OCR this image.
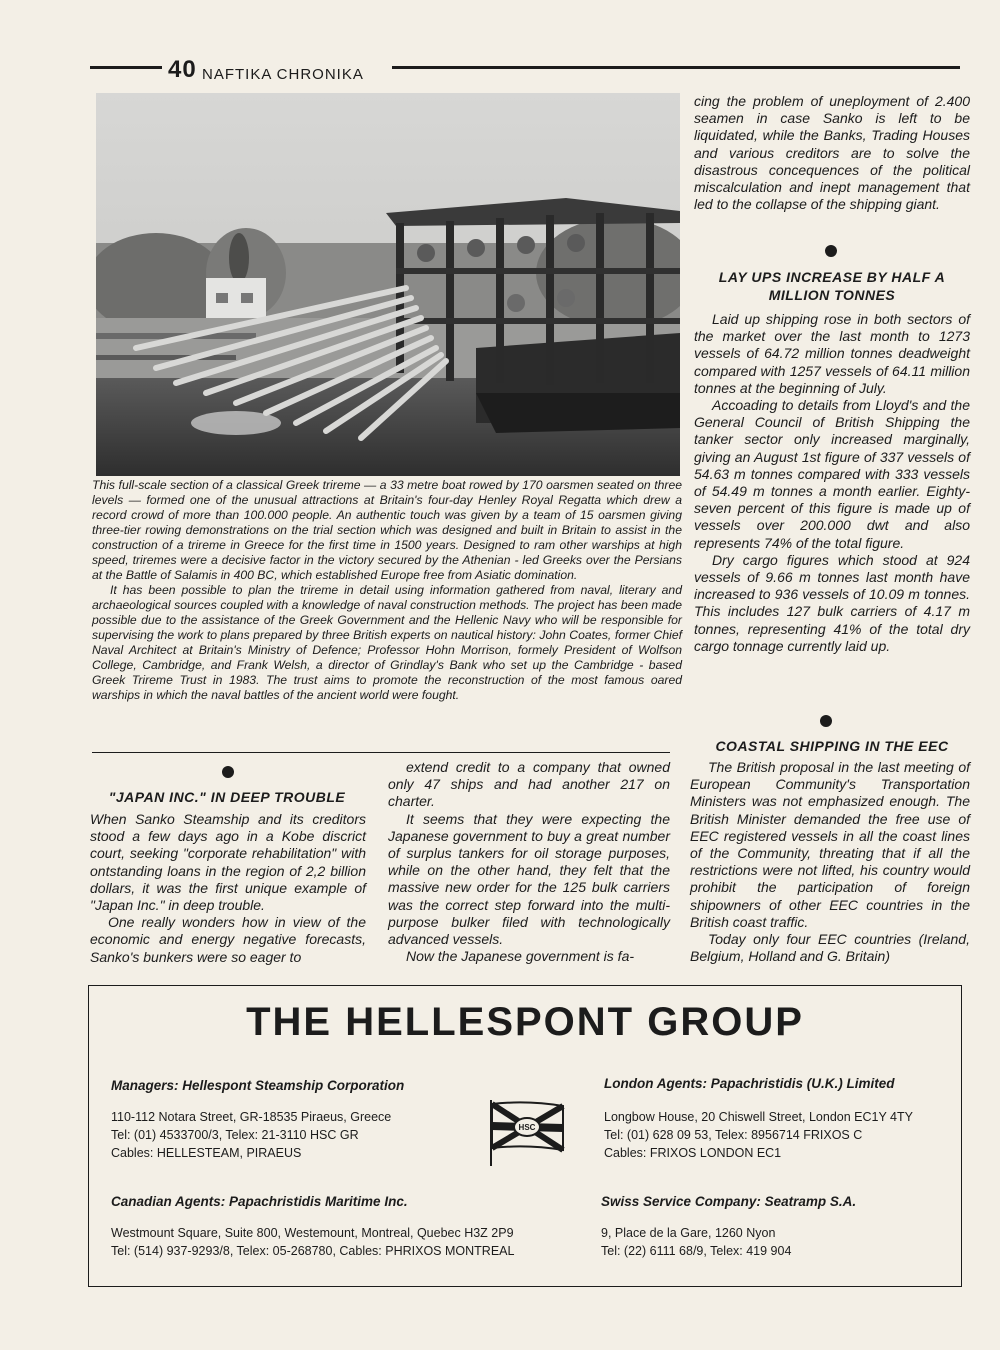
40 NAFTIKA CHRONIKA

This full-scale section of a classical Greek trireme — a 33 metre boat rowed by 170 oarsmen seated on three levels — formed one of the unusual attractions at Britain's four-day Henley Royal Regatta which drew a record crowd of more than 100.000 people. An authentic touch was given by a team of 15 oarsmen giving three-tier rowing demonstrations on the trial section which was designed and built in Britain to assist in the construction of a trireme in Greece for the first time in 1500 years. Designed to ram other warships at high speed, triremes were a decisive factor in the victory secured by the Athenian - led Greeks over the Persians at the Battle of Salamis in 400 BC, which established Europe free from Asiatic domination.

It has been possible to plan the trireme in detail using information gathered from naval, literary and archaeological sources coupled with a knowledge of naval construction methods. The project has been made possible due to the assistance of the Greek Government and the Hellenic Navy who will be responsible for supervising the work to plans prepared by three British experts on nautical history: John Coates, former Chief Naval Architect at Britain's Ministry of Defence; Professor Hohn Morrison, formely President of Wolfson College, Cambridge, and Frank Welsh, a director of Grindlay's Bank who set up the Cambridge - based Greek Trireme Trust in 1983. The trust aims to promote the reconstruction of the most famous oared warships in which the naval battles of the ancient world were fought.

cing the problem of uneployment of 2.400 seamen in case Sanko is left to be liquidated, while the Banks, Trading Houses and various creditors are to solve the disastrous concequences of the political miscalculation and inept management that led to the collapse of the shipping giant.

LAY UPS INCREASE BY HALF A MILLION TONNES

Laid up shipping rose in both sectors of the market over the last month to 1273 vessels of 64.72 million tonnes deadweight compared with 1257 vessels of 64.11 million tonnes at the beginning of July.

Accoading to details from Lloyd's and the General Council of British Shipping the tanker sector only increased marginally, giving an August 1st figure of 337 vessels of 54.63 m tonnes compared with 333 vessels of 54.49 m tonnes a month earlier. Eighty-seven percent of this figure is made up of vessels over 200.000 dwt and also represents 74% of the total figure.

Dry cargo figures which stood at 924 vessels of 9.66 m tonnes last month have increased to 936 vessels of 10.09 m tonnes. This includes 127 bulk carriers of 4.17 m tonnes, representing 41% of the total dry cargo tonnage currently laid up.

COASTAL SHIPPING IN THE EEC

The British proposal in the last meeting of European Community's Transportation Ministers was not emphasized enough. The British Minister demanded the free use of EEC registered vessels in all the coast lines of the Community, threating that if all the restrictions were not lifted, his country would prohibit the participation of foreign shipowners of other EEC countries in the British coast traffic.

Today only four EEC countries (Ireland, Belgium, Holland and G. Britain)

"JAPAN INC." IN DEEP TROUBLE

When Sanko Steamship and its creditors stood a few days ago in a Kobe discrict court, seeking "corporate rehabilitation" with ontstanding loans in the region of 2,2 billion dollars, it was the first unique example of "Japan Inc." in deep trouble.

One really wonders how in view of the economic and energy negative forecasts, Sanko's bunkers were so eager to

extend credit to a company that owned only 47 ships and had another 217 on charter.

It seems that they were expecting the Japanese government to buy a great number of surplus tankers for oil storage purposes, while on the other hand, they felt that the massive new order for the 125 bulk carriers was the correct step forward into the multi-purpose bulker filed with technologically advanced vessels.

Now the Japanese government is fa-

THE HELLESPONT GROUP
Managers: Hellespont Steamship Corporation
110-112 Notara Street, GR-18535 Piraeus, Greece
Tel: (01) 4533700/3, Telex: 21-3110 HSC GR
Cables: HELLESTEAM, PIRAEUS
HSC
London Agents: Papachristidis (U.K.) Limited
Longbow House, 20 Chiswell Street, London EC1Y 4TY
Tel: (01) 628 09 53, Telex: 8956714 FRIXOS C
Cables: FRIXOS LONDON EC1
Canadian Agents: Papachristidis Maritime Inc.
Westmount Square, Suite 800, Westemount, Montreal, Quebec H3Z 2P9
Tel: (514) 937-9293/8, Telex: 05-268780, Cables: PHRIXOS MONTREAL
Swiss Service Company: Seatramp S.A.
9, Place de la Gare, 1260 Nyon
Tel: (22) 6111 68/9, Telex: 419 904
